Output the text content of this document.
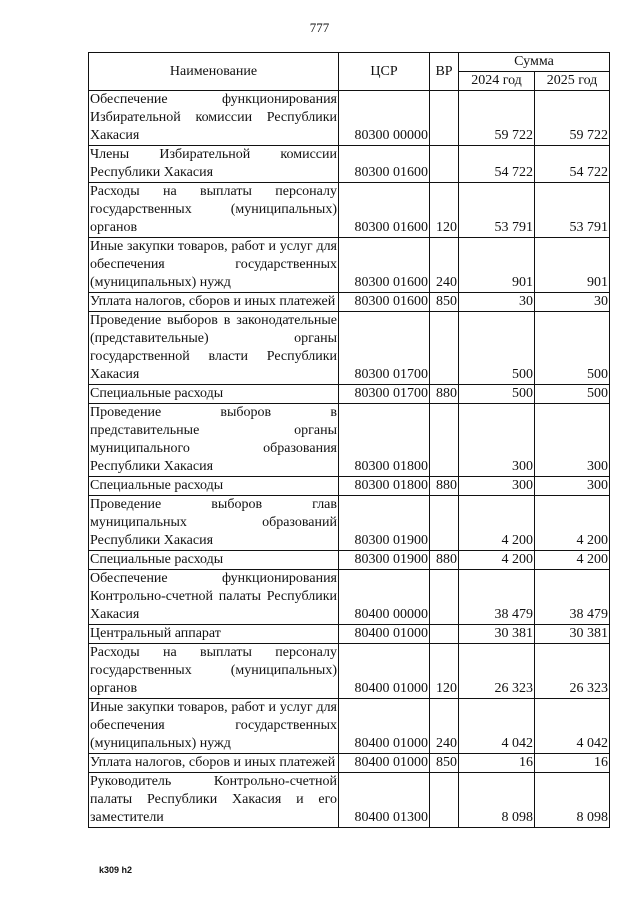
777
Наименование	ЦСР	ВР	Сумма	
			2024 год	2025 год
Обеспечение функционирования Избирательной комиссии Республики Хакасия	80300 00000		59 722	59 722
Члены Избирательной комиссии Республики Хакасия	80300 01600		54 722	54 722
Расходы на выплаты персоналу государственных (муниципальных) органов	80300 01600	120	53 791	53 791
Иные закупки товаров, работ и услуг для обеспечения государственных (муниципальных) нужд	80300 01600	240	901	901
Уплата налогов, сборов и иных платежей	80300 01600	850	30	30
Проведение выборов в законодательные (представительные) органы государственной власти Республики Хакасия	80300 01700		500	500
Специальные расходы	80300 01700	880	500	500
Проведение выборов в представительные органы муниципального образования Республики Хакасия	80300 01800		300	300
Специальные расходы	80300 01800	880	300	300
Проведение выборов глав муниципальных образований Республики Хакасия	80300 01900		4 200	4 200
Специальные расходы	80300 01900	880	4 200	4 200
Обеспечение функционирования Контрольно-счетной палаты Республики Хакасия	80400 00000		38 479	38 479
Центральный аппарат	80400 01000		30 381	30 381
Расходы на выплаты персоналу государственных (муниципальных) органов	80400 01000	120	26 323	26 323
Иные закупки товаров, работ и услуг для обеспечения государственных (муниципальных) нужд	80400 01000	240	4 042	4 042
Уплата налогов, сборов и иных платежей	80400 01000	850	16	16
Руководитель Контрольно-счетной палаты Республики Хакасия и его заместители	80400 01300		8 098	8 098
k309 h2
